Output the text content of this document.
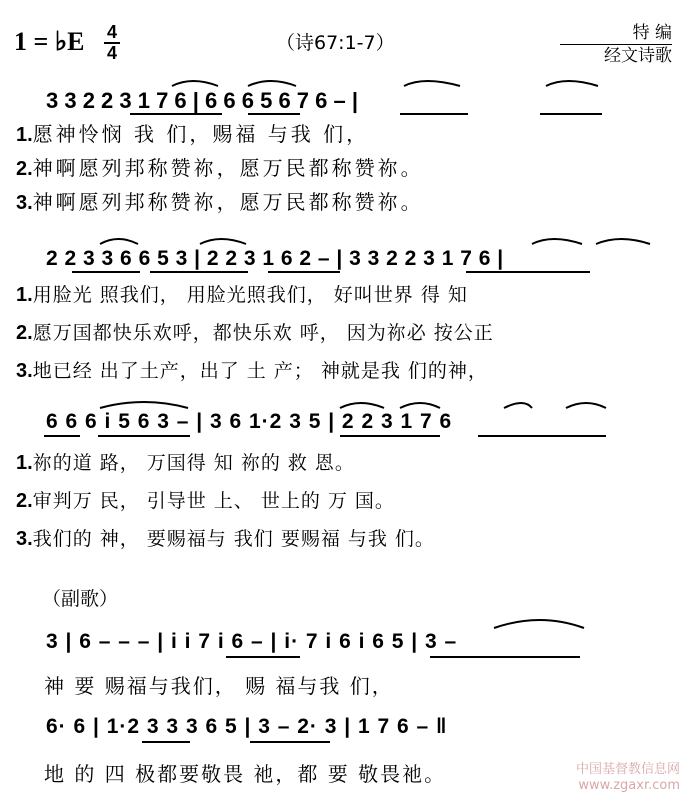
1 = ♭E 4
4	（诗67:1-7）	特 编
经文诗歌
3 3 2 2 3 1 7 6 | 6 6 6 5 6 7 6 – |
1.愿神怜悯 我 们，赐福 与我 们，
2.神啊愿列邦称赞祢，愿万民都称赞祢。
3.神啊愿列邦称赞祢，愿万民都称赞祢。
2 2 3 3 6 6 5 3 | 2 2 3 1 6 2 – | 3 3 2 2 3 1 7 6 |
1.用脸光 照我们， 用脸光照我们， 好叫世界 得 知
2.愿万国都快乐欢呼，都快乐欢 呼， 因为祢必 按公正
3.地已经 出了土产，出了 土 产； 神就是我 们的神，
6 6 6 i 5 6 3 – | 3 6 1·2 3 5 | 2 2 3 1 7 6
1.祢的道 路， 万国得 知 祢的 救 恩。
2.审判万 民， 引导世 上、 世上的 万 国。
3.我们的 神， 要赐福与 我们 要赐福 与我 们。
（副歌）
3 | 6 – – – | i i 7 i 6 – | i· 7 i 6 i 6 5 | 3 –
神 要 赐福与我们， 赐 福与我 们，
6· 6 | 1·2 3 3 3 6 5 | 3 – 2· 3 | 1 7 6 – ‖
地 的 四 极都要敬畏 祂，都 要 敬畏祂。	中国基督教信息网
www.zgaxr.com
